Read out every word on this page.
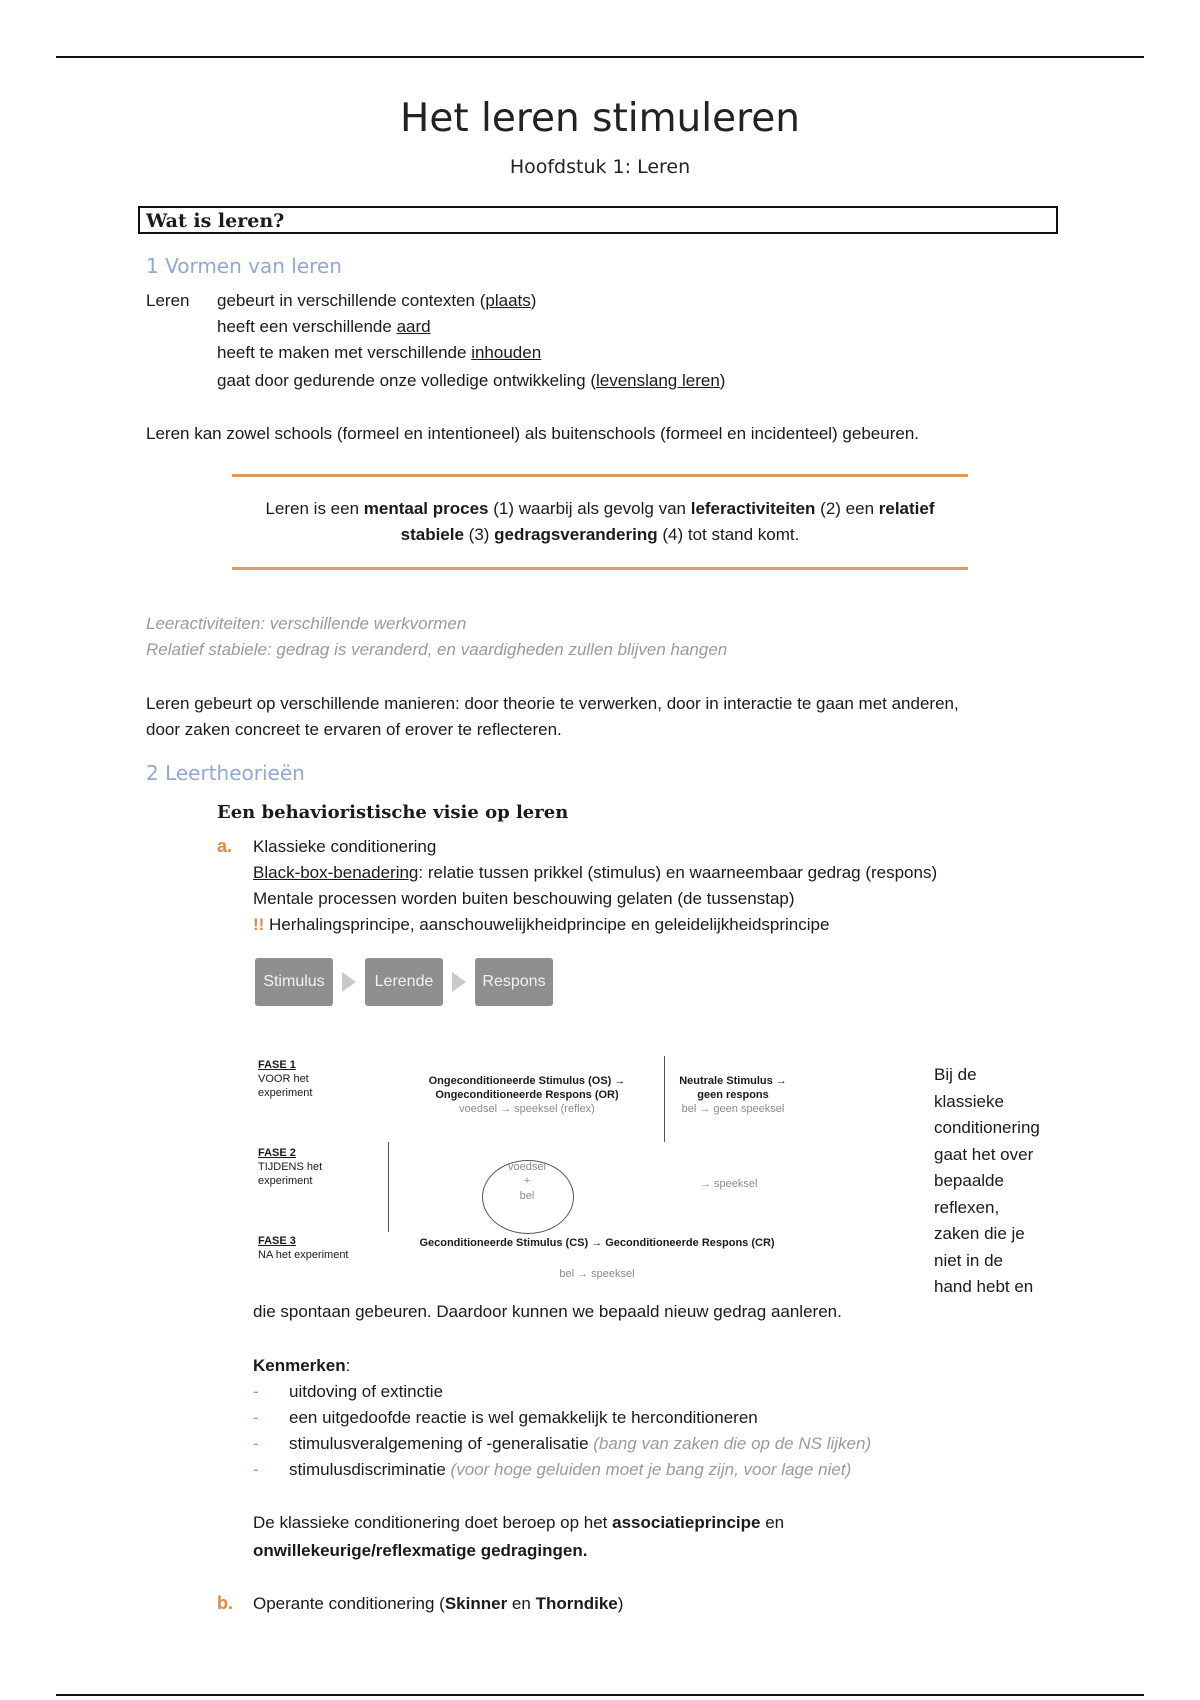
Het leren stimuleren
Hoofdstuk 1: Leren
Wat is leren?
1 Vormen van leren
Leren gebeurt in verschillende contexten (plaats)
heeft een verschillende aard
heeft te maken met verschillende inhouden
gaat door gedurende onze volledige ontwikkeling (levenslang leren)
Leren kan zowel schools (formeel en intentioneel) als buitenschools (formeel en incidenteel) gebeuren.
Leren is een mentaal proces (1) waarbij als gevolg van leferactiviteiten (2) een relatief
stabiele (3) gedragsverandering (4) tot stand komt.
Leeractiviteiten: verschillende werkvormen
Relatief stabiele: gedrag is veranderd, en vaardigheden zullen blijven hangen
Leren gebeurt op verschillende manieren: door theorie te verwerken, door in interactie te gaan met anderen,
door zaken concreet te ervaren of erover te reflecteren.
2 Leertheorieën
Een behavioristische visie op leren
a. Klassieke conditionering
Black-box-benadering: relatie tussen prikkel (stimulus) en waarneembaar gedrag (respons)
Mentale processen worden buiten beschouwing gelaten (de tussenstap)
!! Herhalingsprincipe, aanschouwelijkheidprincipe en geleidelijkheidsprincipe
Stimulus	Lerende	Respons
FASE 1
VOOR het
experiment
Ongeconditioneerde Stimulus (OS) →
Ongeconditioneerde Respons (OR)
voedsel → speeksel (reflex)
Neutrale Stimulus →
geen respons
bel → geen speeksel
FASE 2
TIJDENS het
experiment
voedsel
+
bel
→ speeksel
FASE 3
NA het experiment
Geconditioneerde Stimulus (CS) → Geconditioneerde Respons (CR)
bel → speeksel
Bij de
klassieke
conditionering
gaat het over
bepaalde
reflexen,
zaken die je
niet in de
hand hebt en
die spontaan gebeuren. Daardoor kunnen we bepaald nieuw gedrag aanleren.
Kenmerken:
- uitdoving of extinctie
- een uitgedoofde reactie is wel gemakkelijk te herconditioneren
- stimulusveralgemening of -generalisatie (bang van zaken die op de NS lijken)
- stimulusdiscriminatie (voor hoge geluiden moet je bang zijn, voor lage niet)
De klassieke conditionering doet beroep op het associatieprincipe en
onwillekeurige/reflexmatige gedragingen.
b. Operante conditionering (Skinner en Thorndike)
